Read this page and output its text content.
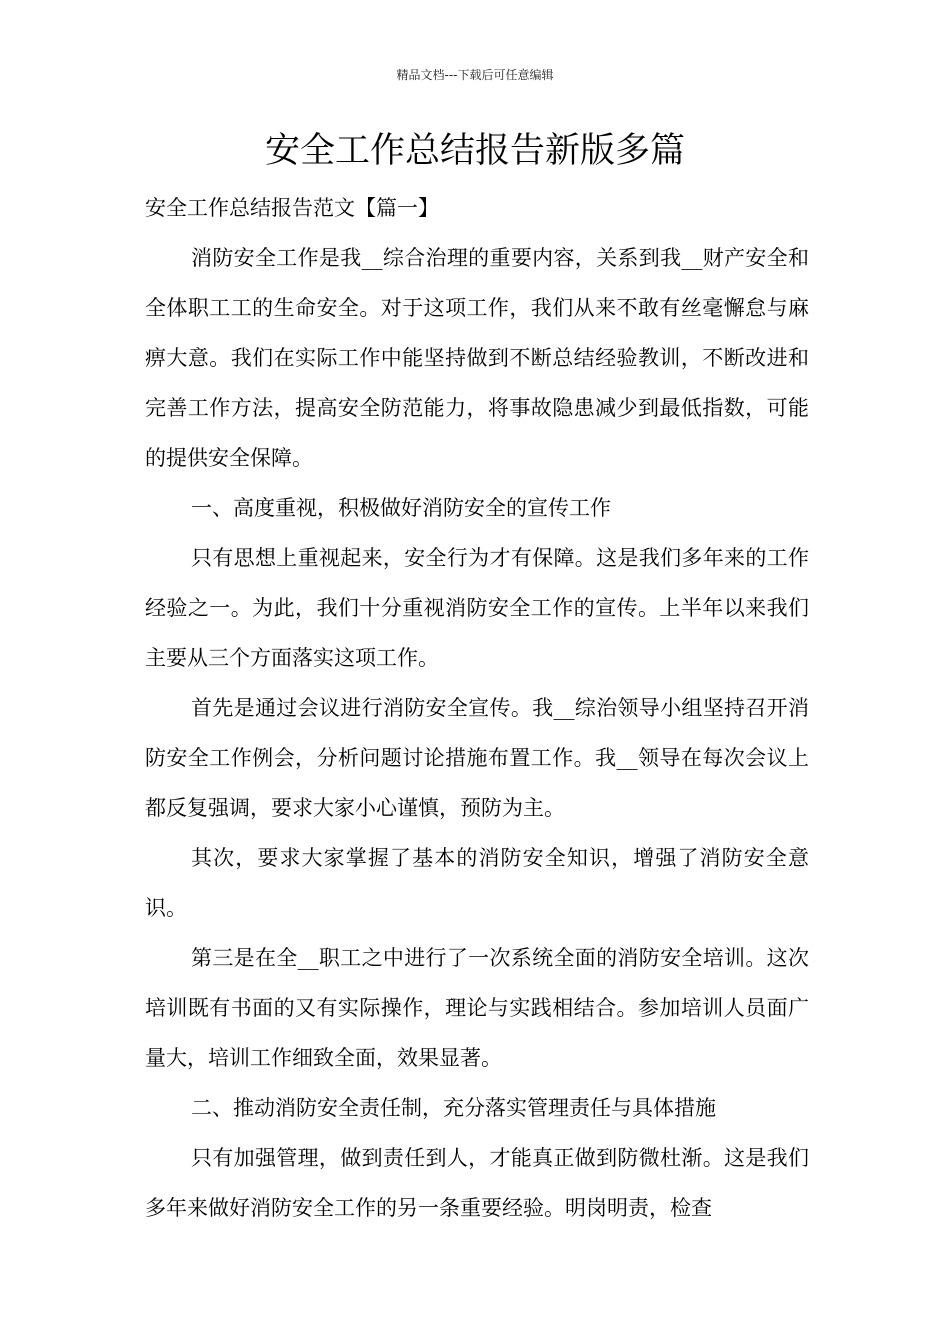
精品文档---下载后可任意编辑
安全工作总结报告新版多篇

安全工作总结报告范文【篇一】

消防安全工作是我__综合治理的重要内容，关系到我__财产安全和全体职工工的生命安全。对于这项工作，我们从来不敢有丝毫懈怠与麻痹大意。我们在实际工作中能坚持做到不断总结经验教训，不断改进和完善工作方法，提高安全防范能力，将事故隐患减少到最低指数，可能的提供安全保障。

一、高度重视，积极做好消防安全的宣传工作

只有思想上重视起来，安全行为才有保障。这是我们多年来的工作经验之一。为此，我们十分重视消防安全工作的宣传。上半年以来我们主要从三个方面落实这项工作。

首先是通过会议进行消防安全宣传。我__综治领导小组坚持召开消防安全工作例会，分析问题讨论措施布置工作。我__领导在每次会议上都反复强调，要求大家小心谨慎，预防为主。

其次，要求大家掌握了基本的消防安全知识，增强了消防安全意识。

第三是在全__职工之中进行了一次系统全面的消防安全培训。这次培训既有书面的又有实际操作，理论与实践相结合。参加培训人员面广量大，培训工作细致全面，效果显著。

二、推动消防安全责任制，充分落实管理责任与具体措施

只有加强管理，做到责任到人，才能真正做到防微杜渐。这是我们多年来做好消防安全工作的另一条重要经验。明岗明责，检查
